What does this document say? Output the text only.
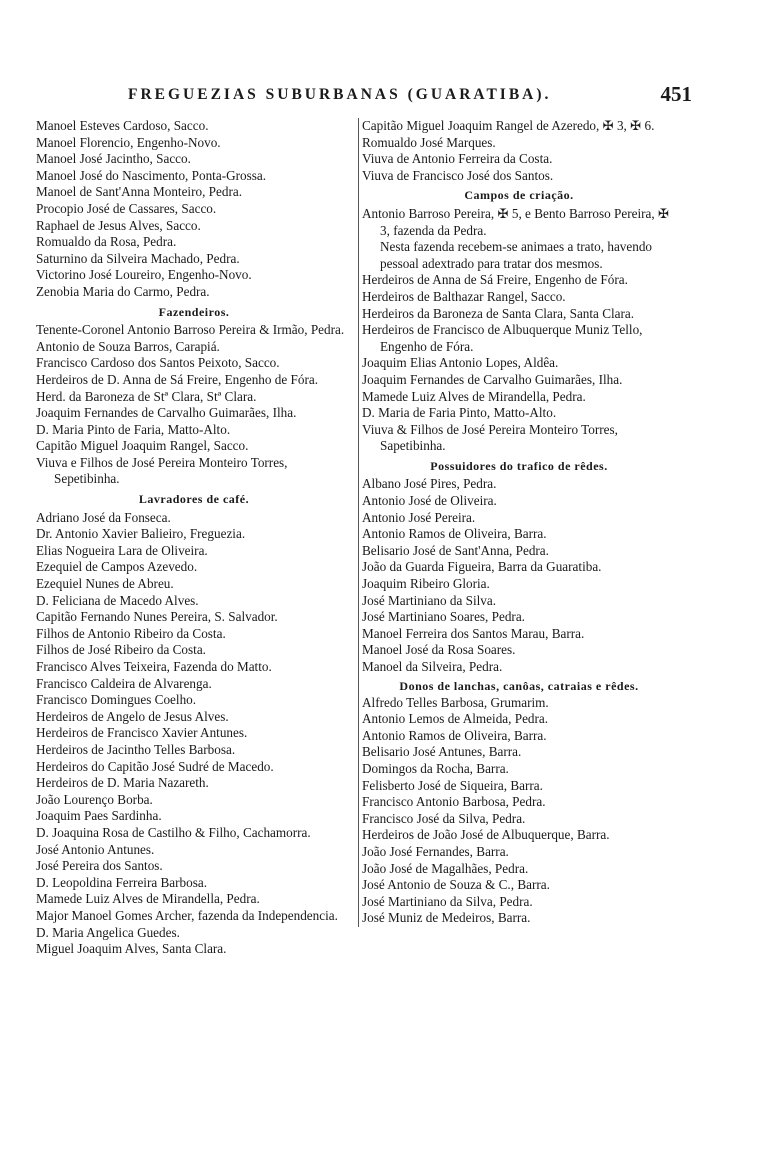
FREGUEZIAS SUBURBANAS (GUARATIBA).	451
Manoel Esteves Cardoso, Sacco.
Manoel Florencio, Engenho-Novo.
Manoel José Jacintho, Sacco.
Manoel José do Nascimento, Ponta-Grossa.
Manoel de Sant'Anna Monteiro, Pedra.
Procopio José de Cassares, Sacco.
Raphael de Jesus Alves, Sacco.
Romualdo da Rosa, Pedra.
Saturnino da Silveira Machado, Pedra.
Victorino José Loureiro, Engenho-Novo.
Zenobia Maria do Carmo, Pedra.
Fazendeiros.
Tenente-Coronel Antonio Barroso Pereira & Irmão, Pedra.
Antonio de Souza Barros, Carapiá.
Francisco Cardoso dos Santos Peixoto, Sacco.
Herdeiros de D. Anna de Sá Freire, Engenho de Fóra.
Herd. da Baroneza de Stª Clara, Stª Clara.
Joaquim Fernandes de Carvalho Guimarães, Ilha.
D. Maria Pinto de Faria, Matto-Alto.
Capitão Miguel Joaquim Rangel, Sacco.
Viuva e Filhos de José Pereira Monteiro Torres, Sepetibinha.
Lavradores de café.
Adriano José da Fonseca.
Dr. Antonio Xavier Balieiro, Freguezia.
Elias Nogueira Lara de Oliveira.
Ezequiel de Campos Azevedo.
Ezequiel Nunes de Abreu.
D. Feliciana de Macedo Alves.
Capitão Fernando Nunes Pereira, S. Salvador.
Filhos de Antonio Ribeiro da Costa.
Filhos de José Ribeiro da Costa.
Francisco Alves Teixeira, Fazenda do Matto.
Francisco Caldeira de Alvarenga.
Francisco Domingues Coelho.
Herdeiros de Angelo de Jesus Alves.
Herdeiros de Francisco Xavier Antunes.
Herdeiros de Jacintho Telles Barbosa.
Herdeiros do Capitão José Sudré de Macedo.
Herdeiros de D. Maria Nazareth.
João Lourenço Borba.
Joaquim Paes Sardinha.
D. Joaquina Rosa de Castilho & Filho, Cachamorra.
José Antonio Antunes.
José Pereira dos Santos.
D. Leopoldina Ferreira Barbosa.
Mamede Luiz Alves de Mirandella, Pedra.
Major Manoel Gomes Archer, fazenda da Independencia.
D. Maria Angelica Guedes.
Miguel Joaquim Alves, Santa Clara.
Capitão Miguel Joaquim Rangel de Azeredo, ✠ 3, ✠ 6.
Romualdo José Marques.
Viuva de Antonio Ferreira da Costa.
Viuva de Francisco José dos Santos.
Campos de criação.
Antonio Barroso Pereira, ✠ 5, e Bento Barroso Pereira, ✠ 3, fazenda da Pedra.
Nesta fazenda recebem-se animaes a trato, havendo pessoal adextrado para tratar dos mesmos.
Herdeiros de Anna de Sá Freire, Engenho de Fóra.
Herdeiros de Balthazar Rangel, Sacco.
Herdeiros da Baroneza de Santa Clara, Santa Clara.
Herdeiros de Francisco de Albuquerque Muniz Tello, Engenho de Fóra.
Joaquim Elias Antonio Lopes, Aldêa.
Joaquim Fernandes de Carvalho Guimarães, Ilha.
Mamede Luiz Alves de Mirandella, Pedra.
D. Maria de Faria Pinto, Matto-Alto.
Viuva & Filhos de José Pereira Monteiro Torres, Sapetibinha.
Possuidores do trafico de rêdes.
Albano José Pires, Pedra.
Antonio José de Oliveira.
Antonio José Pereira.
Antonio Ramos de Oliveira, Barra.
Belisario José de Sant'Anna, Pedra.
João da Guarda Figueira, Barra da Guaratiba.
Joaquim Ribeiro Gloria.
José Martiniano da Silva.
José Martiniano Soares, Pedra.
Manoel Ferreira dos Santos Marau, Barra.
Manoel José da Rosa Soares.
Manoel da Silveira, Pedra.
Donos de lanchas, canôas, catraias e rêdes.
Alfredo Telles Barbosa, Grumarim.
Antonio Lemos de Almeida, Pedra.
Antonio Ramos de Oliveira, Barra.
Belisario José Antunes, Barra.
Domingos da Rocha, Barra.
Felisberto José de Siqueira, Barra.
Francisco Antonio Barbosa, Pedra.
Francisco José da Silva, Pedra.
Herdeiros de João José de Albuquerque, Barra.
João José Fernandes, Barra.
João José de Magalhães, Pedra.
José Antonio de Souza & C., Barra.
José Martiniano da Silva, Pedra.
José Muniz de Medeiros, Barra.
